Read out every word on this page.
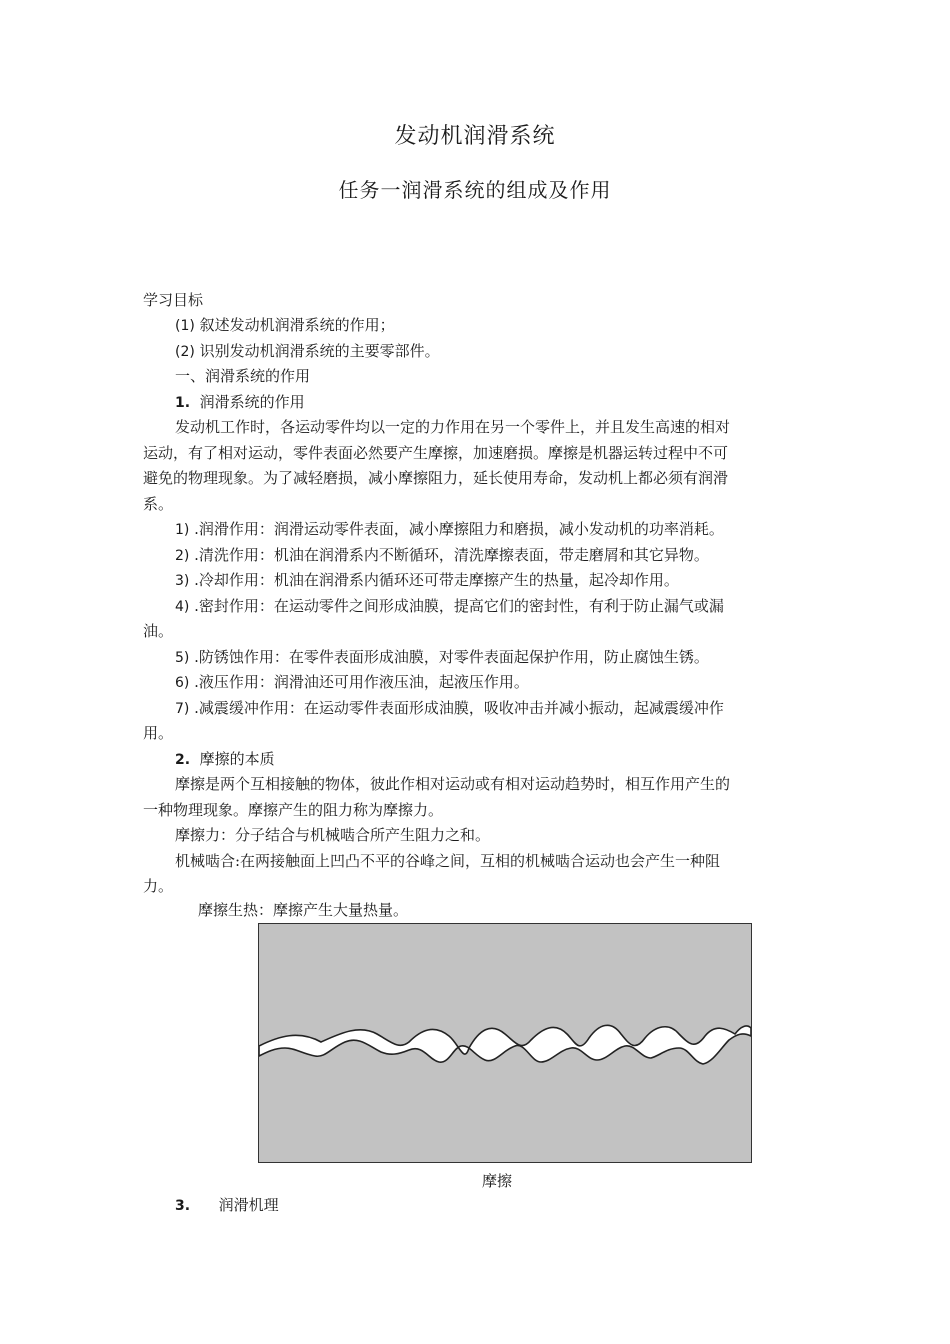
发动机润滑系统
任务一润滑系统的组成及作用
学习目标
(1) 叙述发动机润滑系统的作用；
(2) 识别发动机润滑系统的主要零部件。
一、润滑系统的作用
1. 润滑系统的作用
发动机工作时，各运动零件均以一定的力作用在另一个零件上，并且发生高速的相对
运动，有了相对运动，零件表面必然要产生摩擦，加速磨损。摩擦是机器运转过程中不可
避免的物理现象。为了减轻磨损，减小摩擦阻力，延长使用寿命，发动机上都必须有润滑
系。
1) .润滑作用：润滑运动零件表面，减小摩擦阻力和磨损，减小发动机的功率消耗。
2) .清洗作用：机油在润滑系内不断循环，清洗摩擦表面，带走磨屑和其它异物。
3) .冷却作用：机油在润滑系内循环还可带走摩擦产生的热量，起冷却作用。
4) .密封作用：在运动零件之间形成油膜，提高它们的密封性，有利于防止漏气或漏
油。
5) .防锈蚀作用：在零件表面形成油膜，对零件表面起保护作用，防止腐蚀生锈。
6) .液压作用：润滑油还可用作液压油，起液压作用。
7) .减震缓冲作用：在运动零件表面形成油膜，吸收冲击并减小振动，起减震缓冲作
用。
2. 摩擦的本质
摩擦是两个互相接触的物体，彼此作相对运动或有相对运动趋势时，相互作用产生的
一种物理现象。摩擦产生的阻力称为摩擦力。
摩擦力：分子结合与机械啮合所产生阻力之和。
机械啮合:在两接触面上凹凸不平的谷峰之间，互相的机械啮合运动也会产生一种阻
力。
摩擦生热：摩擦产生大量热量。
摩擦
3. 润滑机理
